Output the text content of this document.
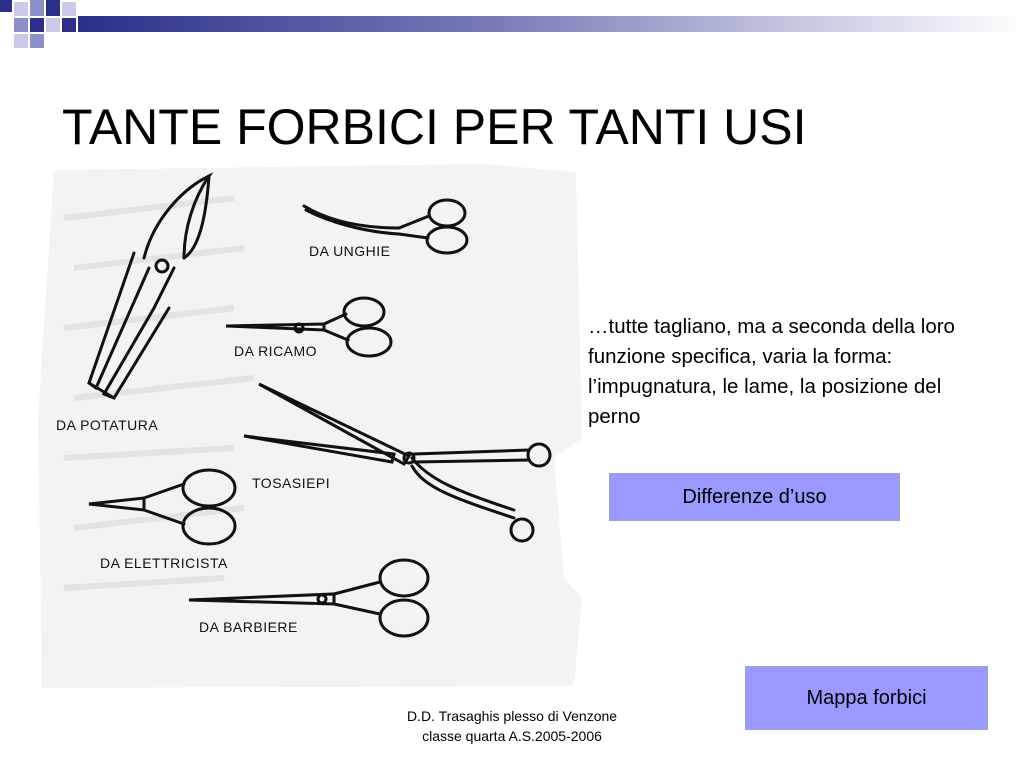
TANTE FORBICI PER TANTI USI
DA POTATURA
DA UNGHIE
DA RICAMO
TOSASIEPI
DA ELETTRICISTA
DA BARBIERE
…tutte tagliano, ma a seconda della loro funzione specifica, varia la forma: l’impugnatura, le lame, la posizione del perno
Differenze d’uso
Mappa forbici
D.D. Trasaghis plesso di Venzone
classe quarta A.S.2005-2006
